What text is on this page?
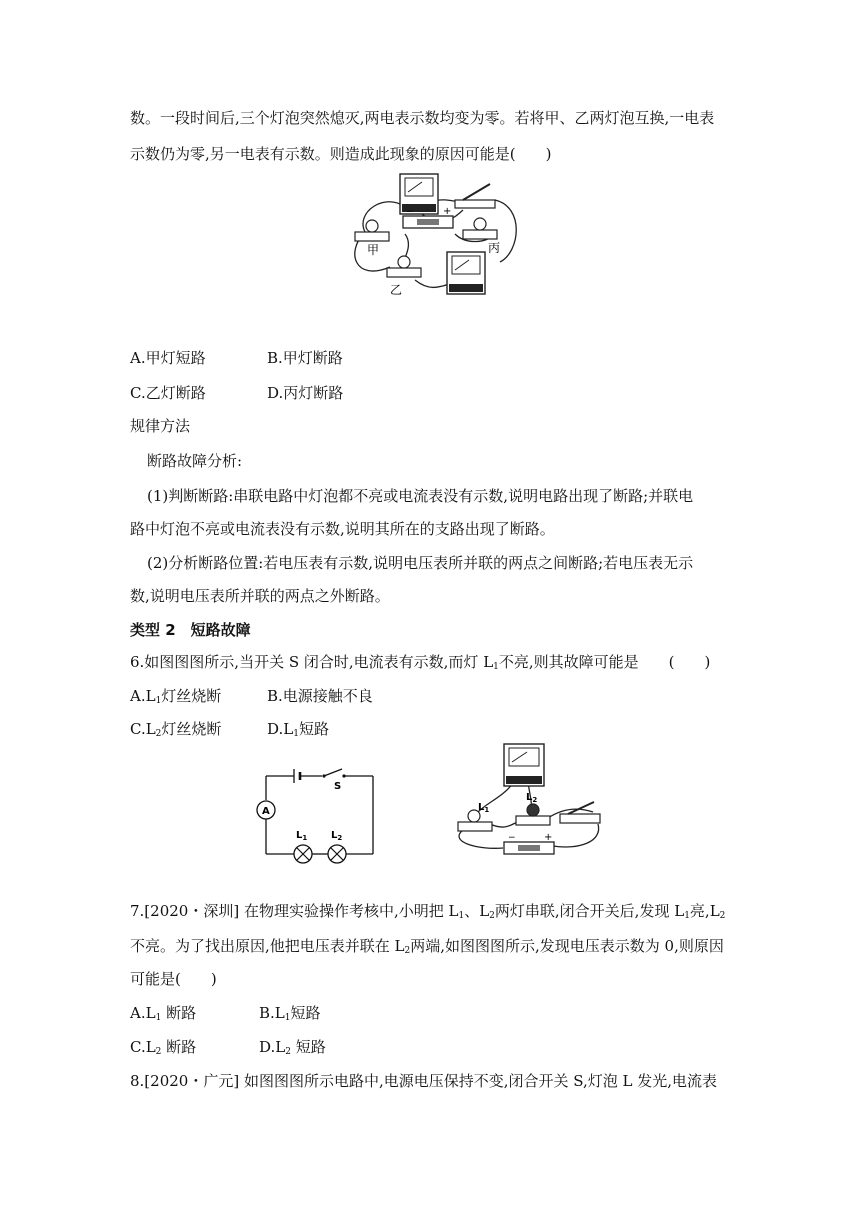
数。一段时间后,三个灯泡突然熄灭,两电表示数均变为零。若将甲、乙两灯泡互换,一电表
示数仍为零,另一电表有示数。则造成此现象的原因可能是(　　)
−	+
甲	丙
乙
A.甲灯短路	B.甲灯断路
C.乙灯断路	D.丙灯断路
规律方法
断路故障分析:
(1)判断断路:串联电路中灯泡都不亮或电流表没有示数,说明电路出现了断路;并联电
路中灯泡不亮或电流表没有示数,说明其所在的支路出现了断路。
(2)分析断路位置:若电压表有示数,说明电压表所并联的两点之间断路;若电压表无示
数,说明电压表所并联的两点之外断路。
类型 2　短路故障
6.如图图图所示,当开关 S 闭合时,电流表有示数,而灯 $L_1$不亮,则其故障可能是　　(　　)
$A.L_1$灯丝烧断	B.电源接触不良
$C.L_2$灯丝烧断	$D.L_1$短路
S
A
$L_1$ $L_2$
$L_1$
$L_2$
−	+
7.[2020・深圳] 在物理实验操作考核中,小明把 $L_1$、$L_2$两灯串联,闭合开关后,发现 $L_1$亮$,L_2$
不亮。为了找出原因,他把电压表并联在 $L_2$两端,如图图图所示,发现电压表示数为 0,则原因
可能是(　　)
$A.L_1$ 断路	$B.L_1$短路
$C.L_2$ 断路	$D.L_2$ 短路
8.[2020・广元] 如图图图所示电路中,电源电压保持不变,闭合开关 S,灯泡 L 发光,电流表
